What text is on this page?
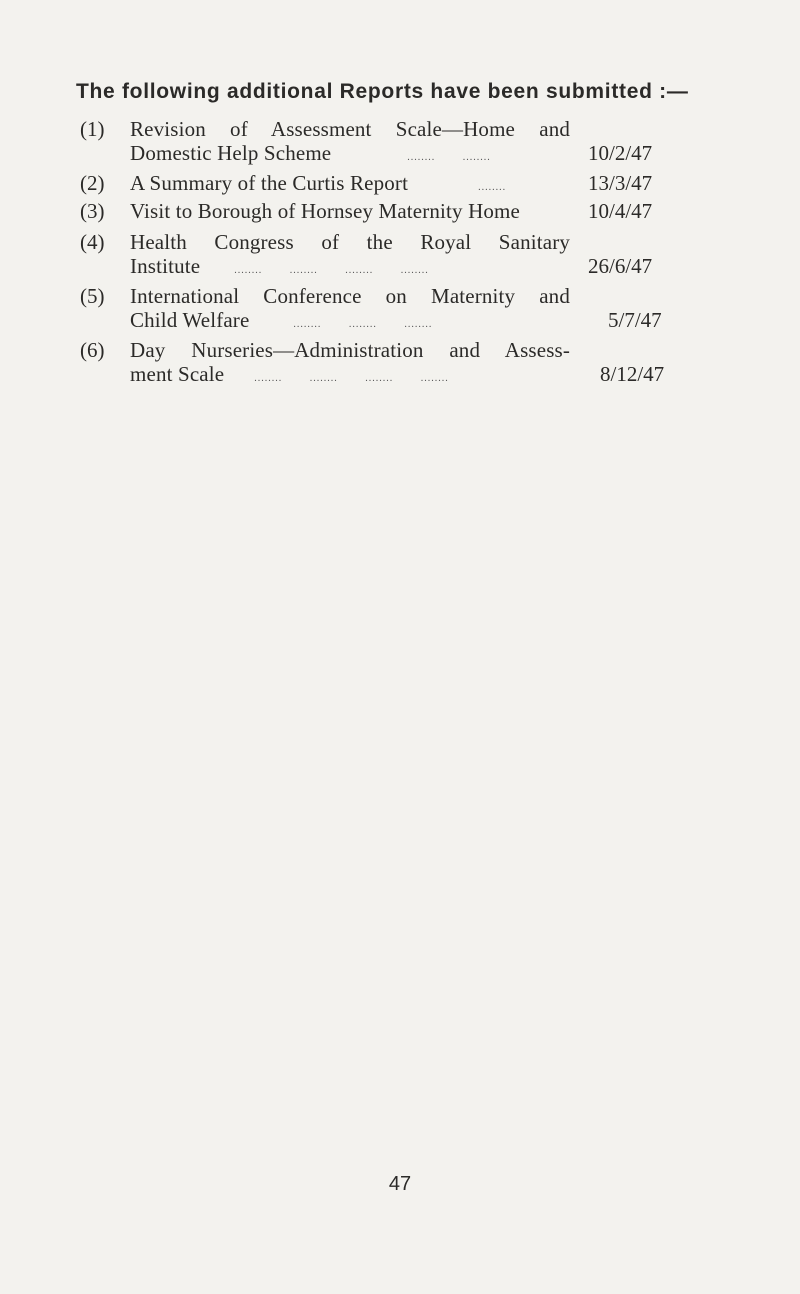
The following additional Reports have been submitted :—
(1)	Revision of Assessment Scale—Home and
Domestic Help Scheme	........ ........	10/2/47
(2)	A Summary of the Curtis Report	........	13/3/47
(3)	Visit to Borough of Hornsey Maternity Home	10/4/47
(4)	Health Congress of the Royal Sanitary
Institute	........ ........ ........ ........	26/6/47
(5)	International Conference on Maternity and
Child Welfare	........ ........ ........	5/7/47
(6)	Day Nurseries—Administration and Assess-
ment Scale	........ ........ ........ ........	8/12/47
47
